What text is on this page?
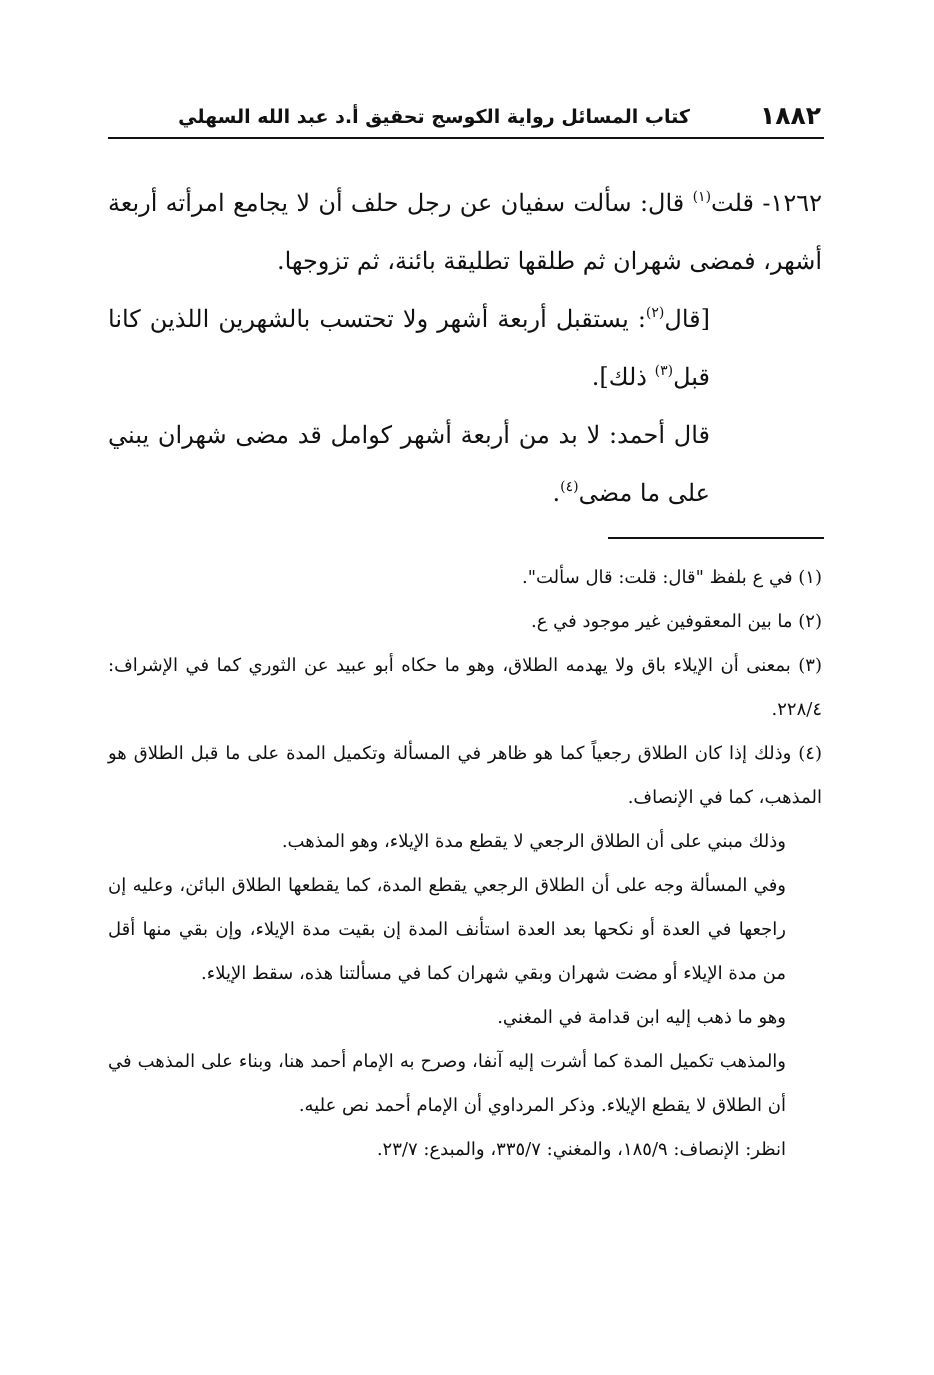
١٨٨٢
كتاب المسائل رواية الكوسج تحقيق أ.د عبد الله السهلي

١٢٦٢- قلت$^{(١)}$ قال: سألت سفيان عن رجل حلف أن لا يجامع امرأته أربعة أشهر، فمضى شهران ثم طلقها تطليقة بائنة، ثم تزوجها.

[قال$^{(٢)}$: يستقبل أربعة أشهر ولا تحتسب بالشهرين اللذين كانا قبل$^{(٣)}$ ذلك].

قال أحمد: لا بد من أربعة أشهر كوامل قد مضى شهران يبني على ما مضى$^{(٤)}$.

(١) في ع بلفظ "قال: قلت: قال سألت".

(٢) ما بين المعقوفين غير موجود في ع.

(٣) بمعنى أن الإيلاء باق ولا يهدمه الطلاق، وهو ما حكاه أبو عبيد عن الثوري كما في الإشراف: ٢٢٨/٤.

(٤) وذلك إذا كان الطلاق رجعياً كما هو ظاهر في المسألة وتكميل المدة على ما قبل الطلاق هو المذهب، كما في الإنصاف.

وذلك مبني على أن الطلاق الرجعي لا يقطع مدة الإيلاء، وهو المذهب.

وفي المسألة وجه على أن الطلاق الرجعي يقطع المدة، كما يقطعها الطلاق البائن، وعليه إن راجعها في العدة أو نكحها بعد العدة استأنف المدة إن بقيت مدة الإيلاء، وإن بقي منها أقل من مدة الإيلاء أو مضت شهران وبقي شهران كما في مسألتنا هذه، سقط الإيلاء.

وهو ما ذهب إليه ابن قدامة في المغني.

والمذهب تكميل المدة كما أشرت إليه آنفا، وصرح به الإمام أحمد هنا، وبناء على المذهب في أن الطلاق لا يقطع الإيلاء. وذكر المرداوي أن الإمام أحمد نص عليه.

انظر: الإنصاف: ١٨٥/٩، والمغني: ٣٣٥/٧، والمبدع: ٢٣/٧.
